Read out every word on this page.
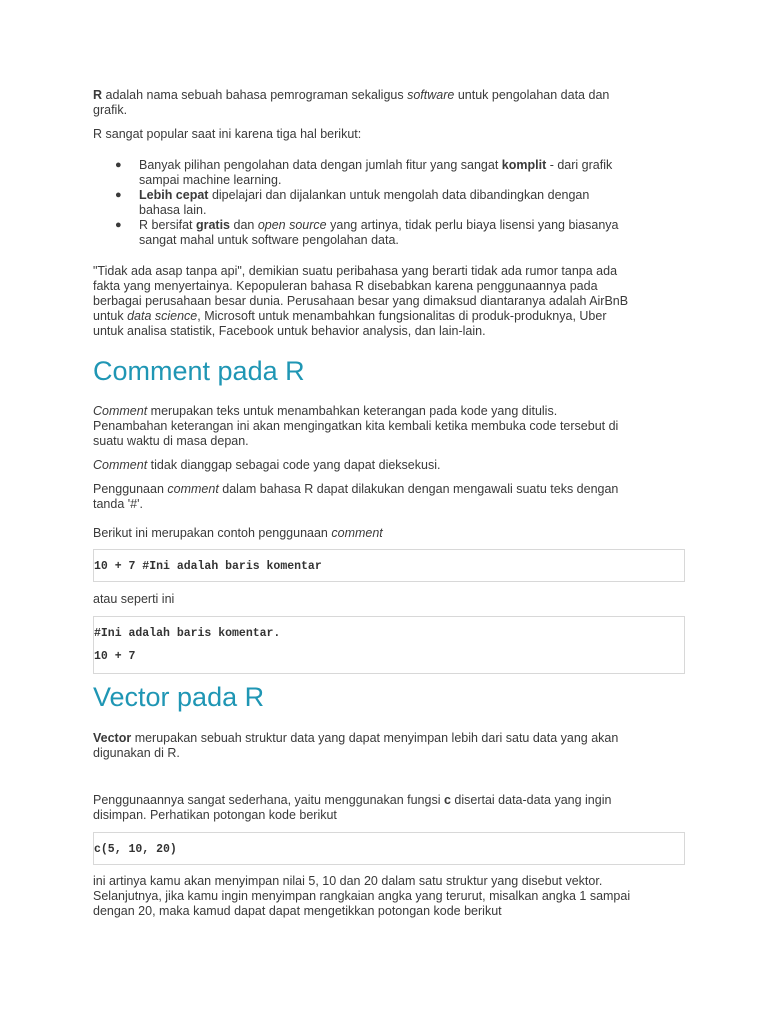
R adalah nama sebuah bahasa pemrograman sekaligus software untuk pengolahan data dan
grafik.

R sangat popular saat ini karena tiga hal berikut:

● Banyak pilihan pengolahan data dengan jumlah fitur yang sangat komplit - dari grafik
sampai machine learning.
● Lebih cepat dipelajari dan dijalankan untuk mengolah data dibandingkan dengan
bahasa lain.
● R bersifat gratis dan open source yang artinya, tidak perlu biaya lisensi yang biasanya
sangat mahal untuk software pengolahan data.

"Tidak ada asap tanpa api", demikian suatu peribahasa yang berarti tidak ada rumor tanpa ada
fakta yang menyertainya. Kepopuleran bahasa R disebabkan karena penggunaannya pada
berbagai perusahaan besar dunia. Perusahaan besar yang dimaksud diantaranya adalah AirBnB
untuk data science, Microsoft untuk menambahkan fungsionalitas di produk-produknya, Uber
untuk analisa statistik, Facebook untuk behavior analysis, dan lain-lain.

Comment pada R

Comment merupakan teks untuk menambahkan keterangan pada kode yang ditulis.
Penambahan keterangan ini akan mengingatkan kita kembali ketika membuka code tersebut di
suatu waktu di masa depan.

Comment tidak dianggap sebagai code yang dapat dieksekusi.

Penggunaan comment dalam bahasa R dapat dilakukan dengan mengawali suatu teks dengan
tanda '#'.

Berikut ini merupakan contoh penggunaan comment

10 + 7 #Ini adalah baris komentar

atau seperti ini

#Ini adalah baris komentar.
10 + 7
Vector pada R

Vector merupakan sebuah struktur data yang dapat menyimpan lebih dari satu data yang akan
digunakan di R.

Penggunaannya sangat sederhana, yaitu menggunakan fungsi c disertai data-data yang ingin
disimpan. Perhatikan potongan kode berikut

c(5, 10, 20)

ini artinya kamu akan menyimpan nilai 5, 10 dan 20 dalam satu struktur yang disebut vektor.
Selanjutnya, jika kamu ingin menyimpan rangkaian angka yang terurut, misalkan angka 1 sampai
dengan 20, maka kamud dapat dapat mengetikkan potongan kode berikut
